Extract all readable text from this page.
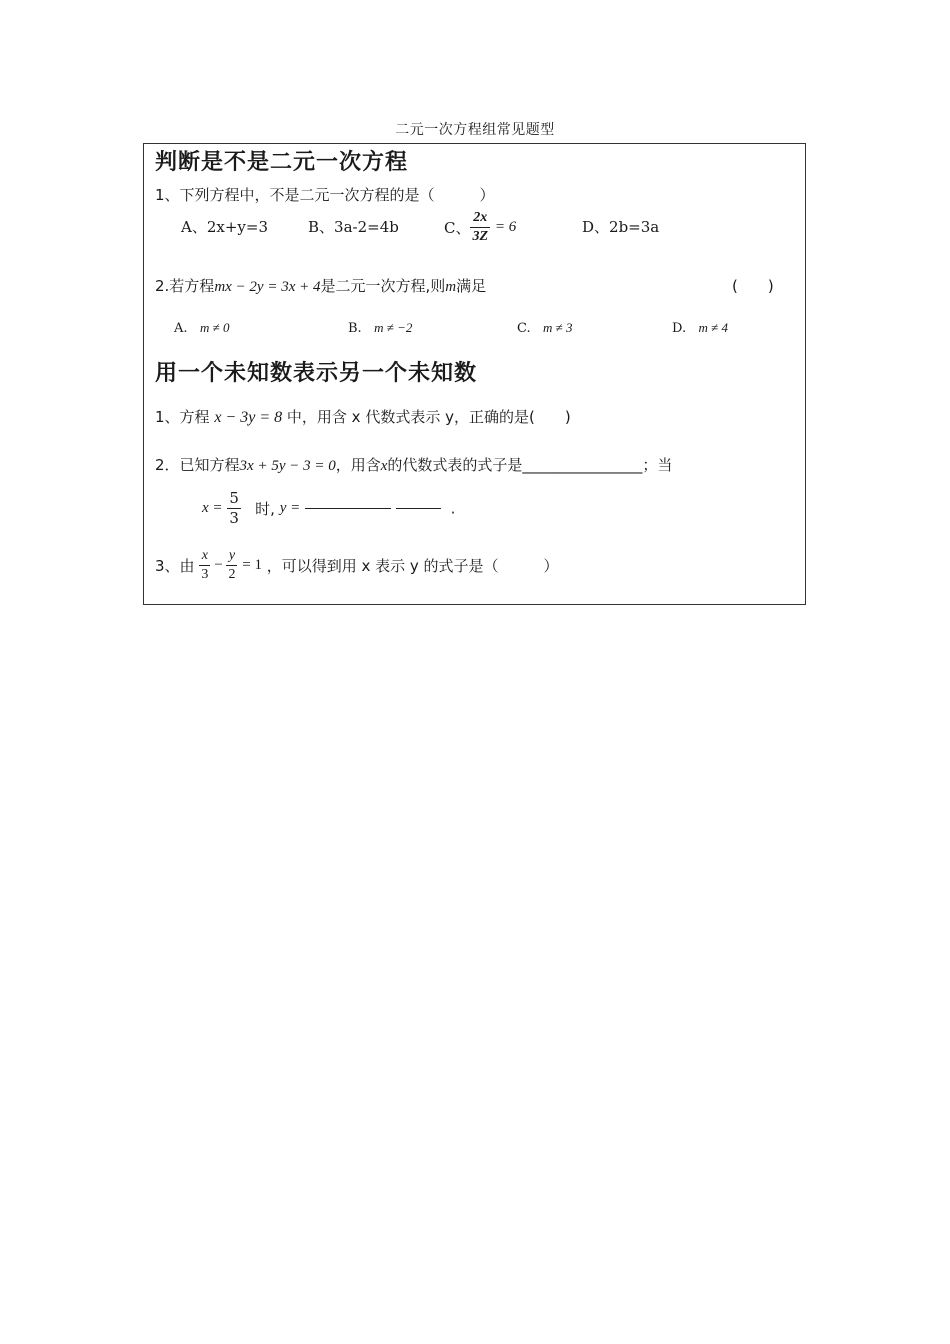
二元一次方程组常见题型
判断是不是二元一次方程
1、下列方程中，不是二元一次方程的是（　　　）
A、2x+y=3	B、3a-2=4b	C、 $\frac{2x}{3Z} = 6$	D、2b=3a
2.若方程mx − 2y = 3x + 4是二元一次方程,则m满足	(　　)
A. m ≠ 0	B. m ≠ −2	C. m ≠ 3	D. m ≠ 4
用一个未知数表示另一个未知数
1、方程 x − 3y = 8 中，用含 x 代数式表示 y，正确的是(　　)
2．已知方程3x + 5y − 3 = 0，用含x的代数式表的式子是________________；当
$x = \frac{5}{3}$ 时, y =	.
3、由 $\frac{x}{3} - \frac{y}{2} = 1$ ，可以得到用 x 表示 y 的式子是（　　　）
